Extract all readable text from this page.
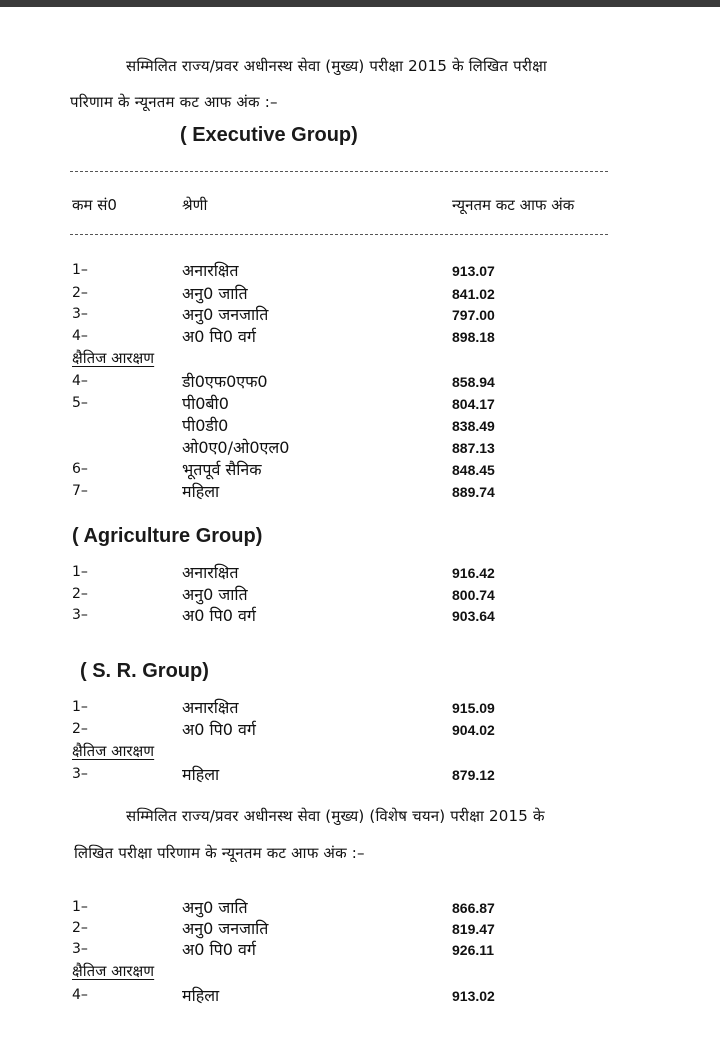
सम्मिलित राज्य/प्रवर अधीनस्थ सेवा (मुख्य) परीक्षा 2015 के लिखित परीक्षा
परिणाम के न्यूनतम कट आफ अंक :–
( Executive Group)
कम सं0	श्रेणी	न्यूनतम कट आफ अंक
1–	अनारक्षित	913.07
2–	अनु0 जाति	841.02
3–	अनु0 जनजाति	797.00
4–	अ0 पि0 वर्ग	898.18
क्षैतिज आरक्षण
4–	डी0एफ0एफ0	858.94
5–	पी0बी0	804.17
पी0डी0	838.49
ओ0ए0/ओ0एल0	887.13
6–	भूतपूर्व सैनिक	848.45
7–	महिला	889.74
( Agriculture Group)
1–	अनारक्षित	916.42
2–	अनु0 जाति	800.74
3–	अ0 पि0 वर्ग	903.64
( S. R. Group)
1–	अनारक्षित	915.09
2–	अ0 पि0 वर्ग	904.02
क्षैतिज आरक्षण
3–	महिला	879.12
सम्मिलित राज्य/प्रवर अधीनस्थ सेवा (मुख्य) (विशेष चयन) परीक्षा 2015 के
लिखित परीक्षा परिणाम के न्यूनतम कट आफ अंक :–
1–	अनु0 जाति	866.87
2–	अनु0 जनजाति	819.47
3–	अ0 पि0 वर्ग	926.11
क्षैतिज आरक्षण
4–	महिला	913.02
